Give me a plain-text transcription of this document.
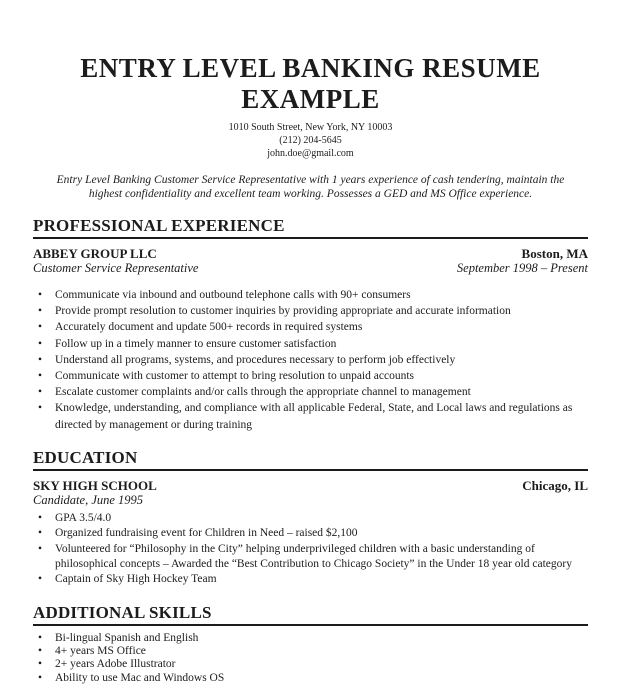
ENTRY LEVEL BANKING RESUME
EXAMPLE
1010 South Street, New York, NY 10003
(212) 204-5645
john.doe@gmail.com
Entry Level Banking Customer Service Representative with 1 years experience of cash tendering, maintain the highest confidentiality and excellent team working. Possesses a GED and MS Office experience.
PROFESSIONAL EXPERIENCE
ABBEY GROUP LLC	Boston, MA
Customer Service Representative	September 1998 – Present
• Communicate via inbound and outbound telephone calls with 90+ consumers
• Provide prompt resolution to customer inquiries by providing appropriate and accurate information
• Accurately document and update 500+ records in required systems
• Follow up in a timely manner to ensure customer satisfaction
• Understand all programs, systems, and procedures necessary to perform job effectively
• Communicate with customer to attempt to bring resolution to unpaid accounts
• Escalate customer complaints and/or calls through the appropriate channel to management
• Knowledge, understanding, and compliance with all applicable Federal, State, and Local laws and regulations as directed by management or during training
EDUCATION
SKY HIGH SCHOOL	Chicago, IL
Candidate, June 1995
• GPA 3.5/4.0
• Organized fundraising event for Children in Need – raised $2,100
• Volunteered for “Philosophy in the City” helping underprivileged children with a basic understanding of philosophical concepts – Awarded the “Best Contribution to Chicago Society” in the Under 18 year old category
• Captain of Sky High Hockey Team
ADDITIONAL SKILLS
• Bi-lingual Spanish and English
• 4+ years MS Office
• 2+ years Adobe Illustrator
• Ability to use Mac and Windows OS
